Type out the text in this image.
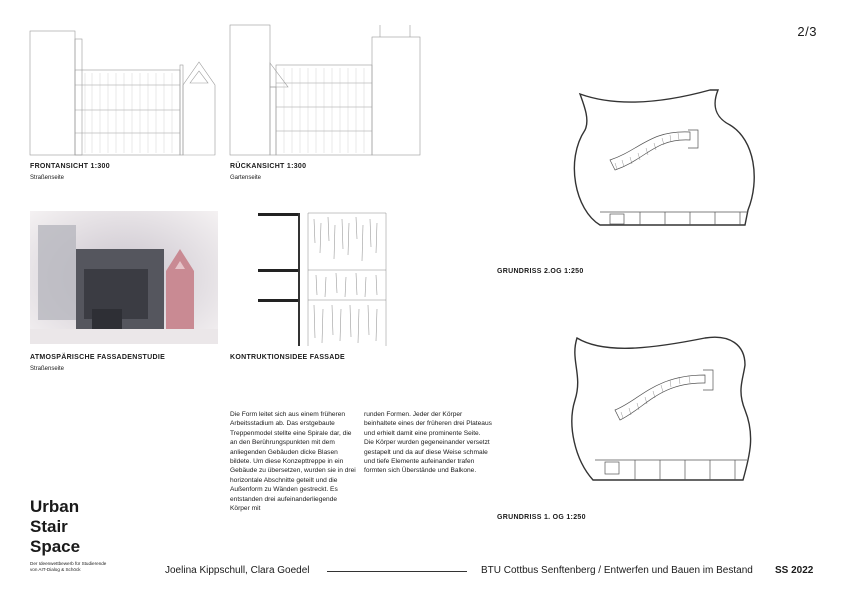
2/3
FRONTANSICHT 1:300
Straßenseite
RÜCKANSICHT 1:300
Gartenseite
ATMOSPÄRISCHE FASSADENSTUDIE
Straßenseite
KONTRUKTIONSIDEE FASSADE
GRUNDRISS 2.OG 1:250
GRUNDRISS 1. OG 1:250
Die Form leitet sich aus einem früheren Arbeitsstadium ab. Das erstgebaute Treppenmodel stellte eine Spirale dar, die an den Berührungspunkten mit dem anliegenden Gebäuden dicke Blasen bildete. Um diese Konzepttreppe in ein Gebäude zu übersetzen, wurden sie in drei horizontale Abschnitte geteilt und die Außenform zu Wänden gestreckt. Es entstanden drei aufeinanderliegende Körper mit
runden Formen. Jeder der Körper beinhaltete eines der früheren drei Plateaus und erhielt damit eine prominente Seite. Die Körper wurden gegeneinander versetzt gestapelt und da auf diese Weise schmale und tiefe Elemente aufeinander trafen formten sich Überstände und Balkone.
Urban
Stair
Space
Der Ideenwettbewerb für Studierende
von AIT-Dialog & Schöck	Joelina Kippschull, Clara Goedel	BTU Cottbus Senftenberg / Entwerfen und Bauen im Bestand SS 2022
